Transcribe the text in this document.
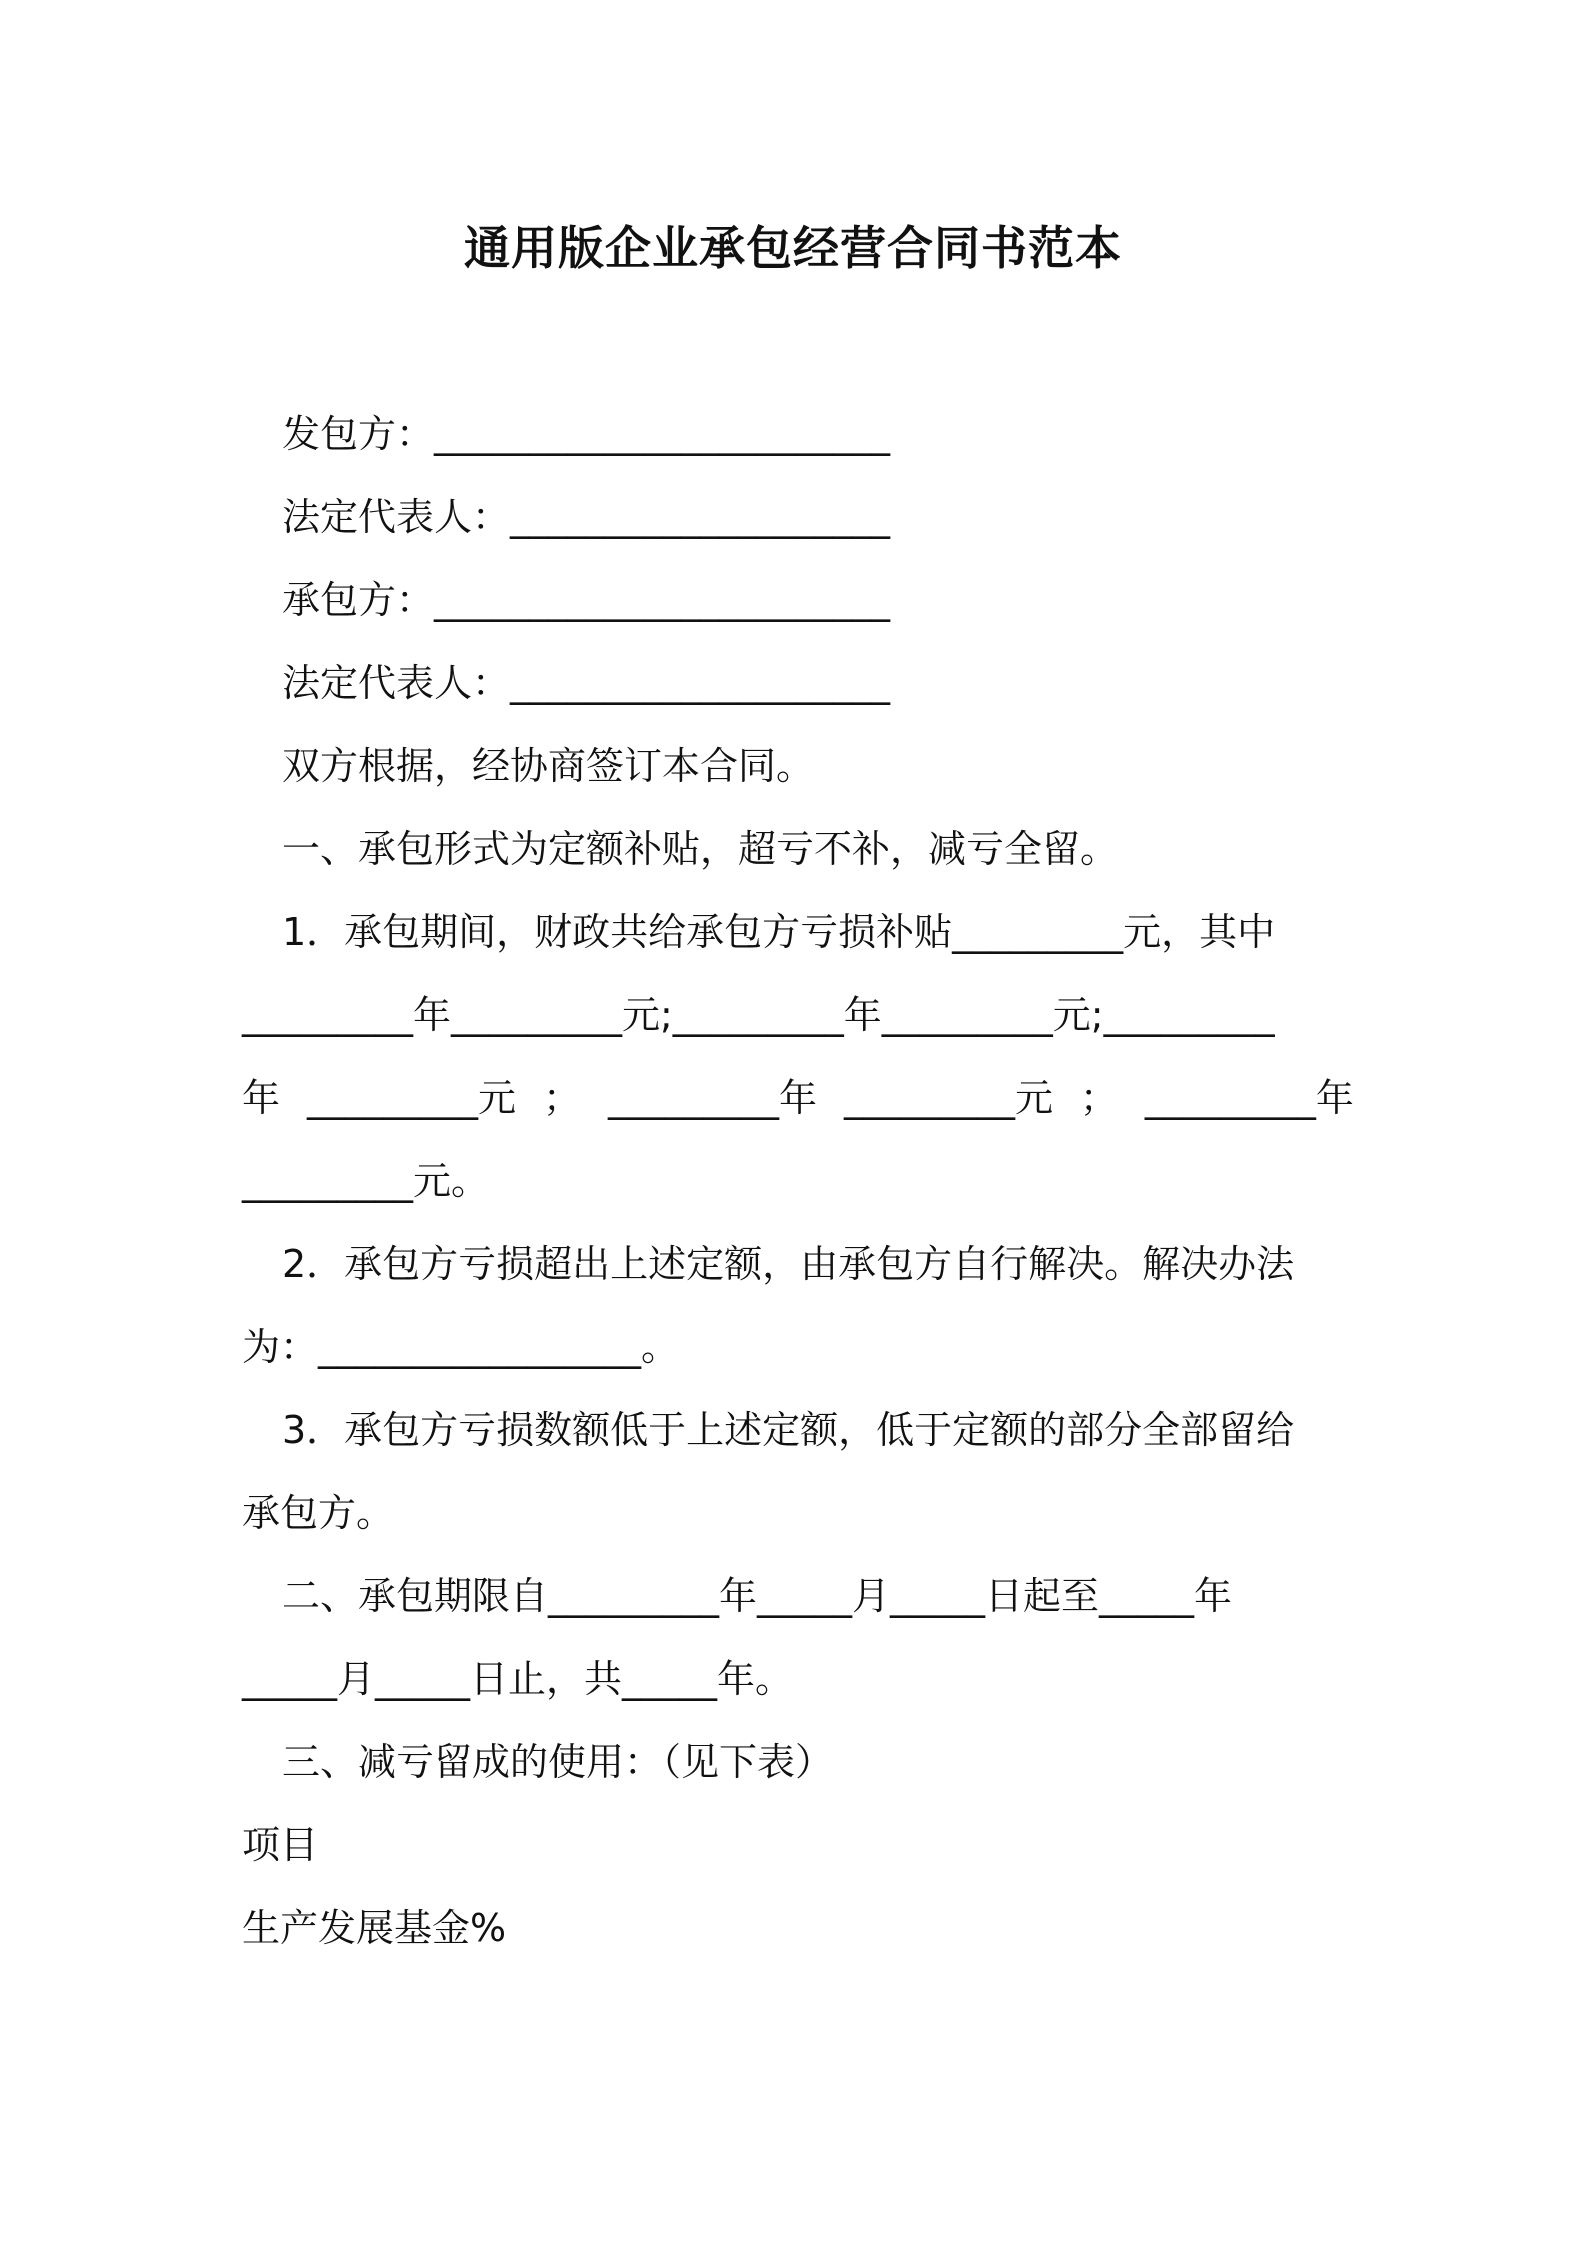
通用版企业承包经营合同书范本
发包方：________________________
法定代表人：____________________
承包方：________________________
法定代表人：____________________
双方根据，经协商签订本合同。
一、承包形式为定额补贴，超亏不补，减亏全留。
1．承包期间，财政共给承包方亏损补贴_________元，其中
_________年_________元;_________年_________元;_________
年 _________元 ； _________年 _________元 ； _________年
_________元。
2．承包方亏损超出上述定额，由承包方自行解决。解决办法
为：_________________。
3．承包方亏损数额低于上述定额，低于定额的部分全部留给
承包方。
二、承包期限自_________年_____月_____日起至_____年
_____月_____日止，共_____年。
三、减亏留成的使用：（见下表）
项目
生产发展基金%
